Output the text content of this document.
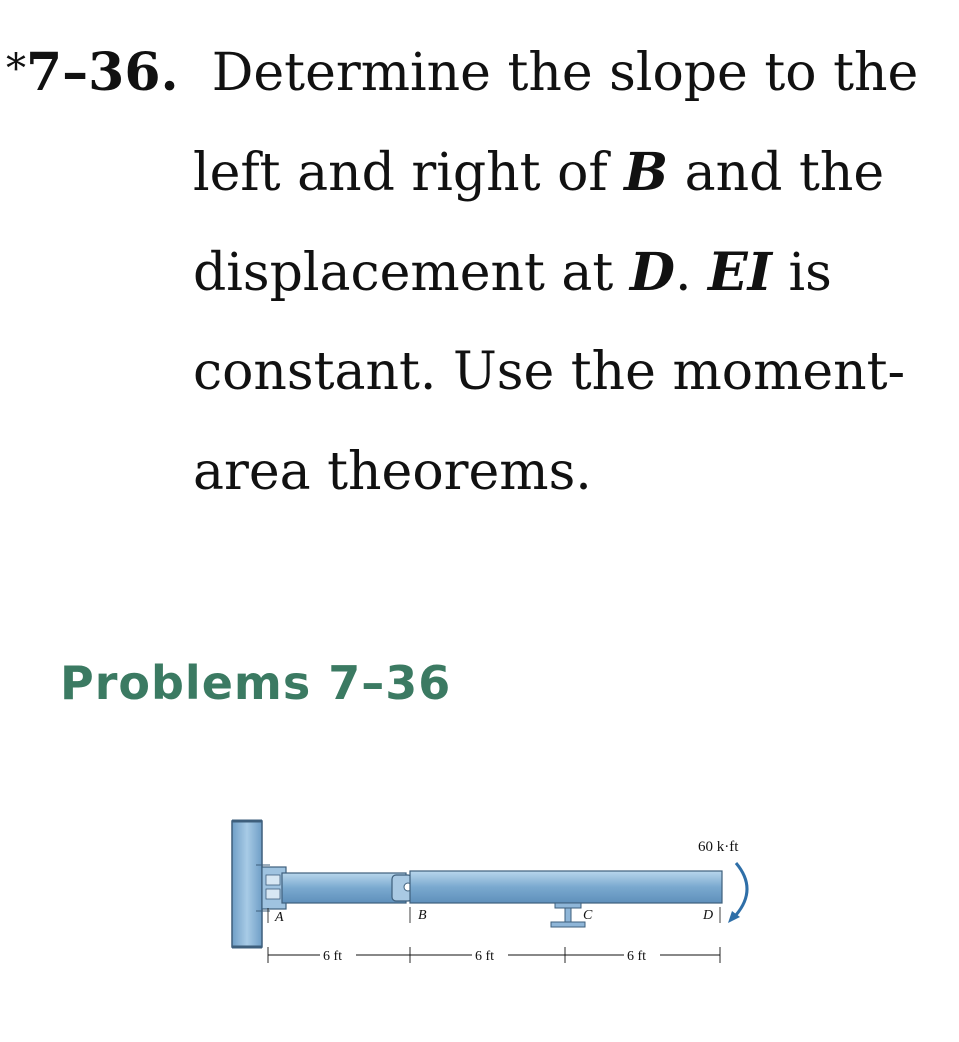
*7–36. Determine the slope to the
left and right of B and the
displacement at D. EI is
constant. Use the moment-
area theorems.
Problems 7–36
A	B	C	D
60 k·ft
6 ft	6 ft	6 ft
